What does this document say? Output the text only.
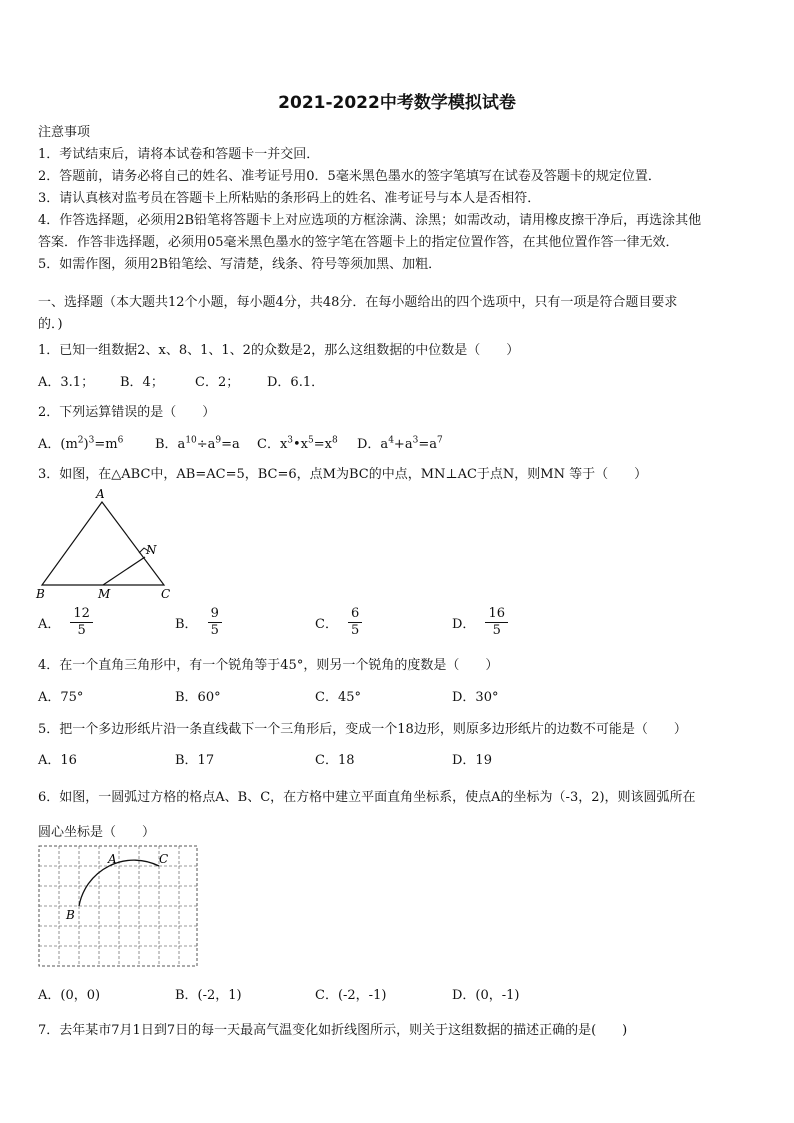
2021-2022中考数学模拟试卷
注意事项
1．考试结束后，请将本试卷和答题卡一并交回．
2．答题前，请务必将自己的姓名、准考证号用0．5毫米黑色墨水的签字笔填写在试卷及答题卡的规定位置．
3．请认真核对监考员在答题卡上所粘贴的条形码上的姓名、准考证号与本人是否相符．
4．作答选择题，必须用2B铅笔将答题卡上对应选项的方框涂满、涂黑；如需改动，请用橡皮擦干净后，再选涂其他
答案．作答非选择题，必须用05毫米黑色墨水的签字笔在答题卡上的指定位置作答，在其他位置作答一律无效．
5．如需作图，须用2B铅笔绘、写清楚，线条、符号等须加黑、加粗．
一、选择题（本大题共12个小题，每小题4分，共48分．在每小题给出的四个选项中，只有一项是符合题目要求
的．)
1．已知一组数据2、x、8、1、1、2的众数是2，那么这组数据的中位数是（　　）
A．3.1； B．4； C．2； D．6.1．
2．下列运算错误的是（　　）
A．$(m^2)^3=m^6$ B．$a^{10}\div a^9=a$ C．$x^3•x^5=x^8$ D．$a^4+a^3=a^7$
3．如图，在△ABC中，AB=AC=5，BC=6，点M为BC的中点，MN⊥AC于点N，则MN 等于（　　）
A
B	C
M
N
A． $\frac{12}{5}$	B． $\frac{9}{5}$	C． $\frac{6}{5}$	D． $\frac{16}{5}$
4．在一个直角三角形中，有一个锐角等于45°，则另一个锐角的度数是（　　）
A．75°	B．60°	C．45°	D．30°
5．把一个多边形纸片沿一条直线截下一个三角形后，变成一个18边形，则原多边形纸片的边数不可能是（　　）
A．16	B．17	C．18	D．19
6．如图，一圆弧过方格的格点A、B、C，在方格中建立平面直角坐标系，使点A的坐标为（-3，2)，则该圆弧所在
圆心坐标是（　　）
A	C
B
A．(0，0)	B．(-2，1)	C．(-2，-1)	D．(0，-1)
7．去年某市7月1日到7日的每一天最高气温变化如折线图所示，则关于这组数据的描述正确的是(　　)
